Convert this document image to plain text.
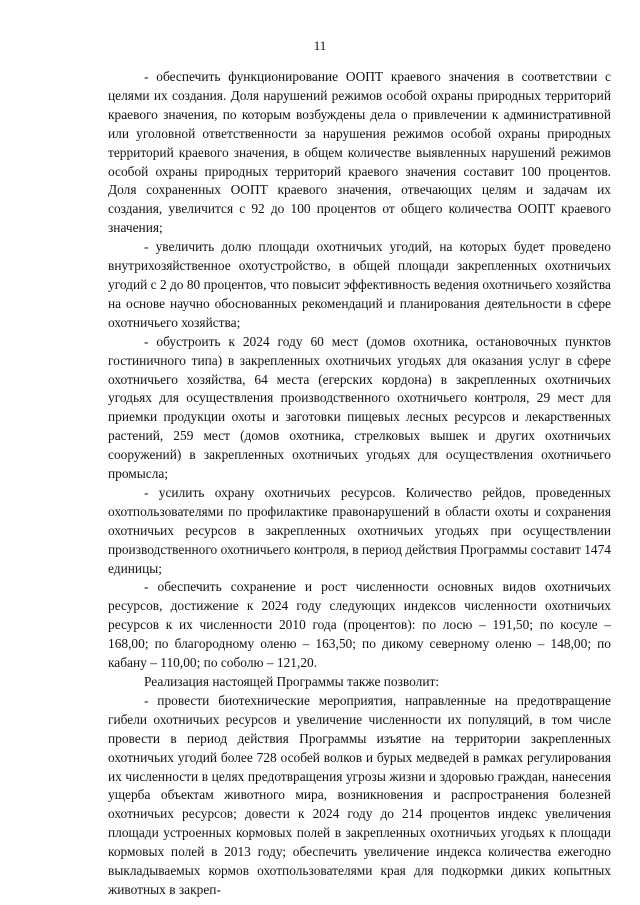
11

- обеспечить функционирование ООПТ краевого значения в соответствии с целями их создания. Доля нарушений режимов особой охраны природных территорий краевого значения, по которым возбуждены дела о привлечении к административной или уголовной ответственности за нарушения режимов особой охраны природных территорий краевого значения, в общем количестве выявленных нарушений режимов особой охраны природных территорий краевого значения составит 100 процентов. Доля сохраненных ООПТ краевого значения, отвечающих целям и задачам их создания, увеличится с 92 до 100 процентов от общего количества ООПТ краевого значения;

- увеличить долю площади охотничьих угодий, на которых будет проведено внутрихозяйственное охотустройство, в общей площади закрепленных охотничьих угодий с 2 до 80 процентов, что повысит эффективность ведения охотничьего хозяйства на основе научно обоснованных рекомендаций и планирования деятельности в сфере охотничьего хозяйства;

- обустроить к 2024 году 60 мест (домов охотника, остановочных пунктов гостиничного типа) в закрепленных охотничьих угодьях для оказания услуг в сфере охотничьего хозяйства, 64 места (егерских кордона) в закрепленных охотничьих угодьях для осуществления производственного охотничьего контроля, 29 мест для приемки продукции охоты и заготовки пищевых лесных ресурсов и лекарственных растений, 259 мест (домов охотника, стрелковых вышек и других охотничьих сооружений) в закрепленных охотничьих угодьях для осуществления охотничьего промысла;

- усилить охрану охотничьих ресурсов. Количество рейдов, проведенных охотпользователями по профилактике правонарушений в области охоты и сохранения охотничьих ресурсов в закрепленных охотничьих угодьях при осуществлении производственного охотничьего контроля, в период действия Программы составит 1474 единицы;

- обеспечить сохранение и рост численности основных видов охотничьих ресурсов, достижение к 2024 году следующих индексов численности охотничьих ресурсов к их численности 2010 года (процентов): по лосю – 191,50; по косуле – 168,00; по благородному оленю – 163,50; по дикому северному оленю – 148,00; по кабану – 110,00; по соболю – 121,20.

Реализация настоящей Программы также позволит:

- провести биотехнические мероприятия, направленные на предотвращение гибели охотничьих ресурсов и увеличение численности их популяций, в том числе провести в период действия Программы изъятие на территории закрепленных охотничьих угодий более 728 особей волков и бурых медведей в рамках регулирования их численности в целях предотвращения угрозы жизни и здоровью граждан, нанесения ущерба объектам животного мира, возникновения и распространения болезней охотничьих ресурсов; довести к 2024 году до 214 процентов индекс увеличения площади устроенных кормовых полей в закрепленных охотничьих угодьях к площади кормовых полей в 2013 году; обеспечить увеличение индекса количества ежегодно выкладываемых кормов охотпользователями края для подкормки диких копытных животных в закреп-
